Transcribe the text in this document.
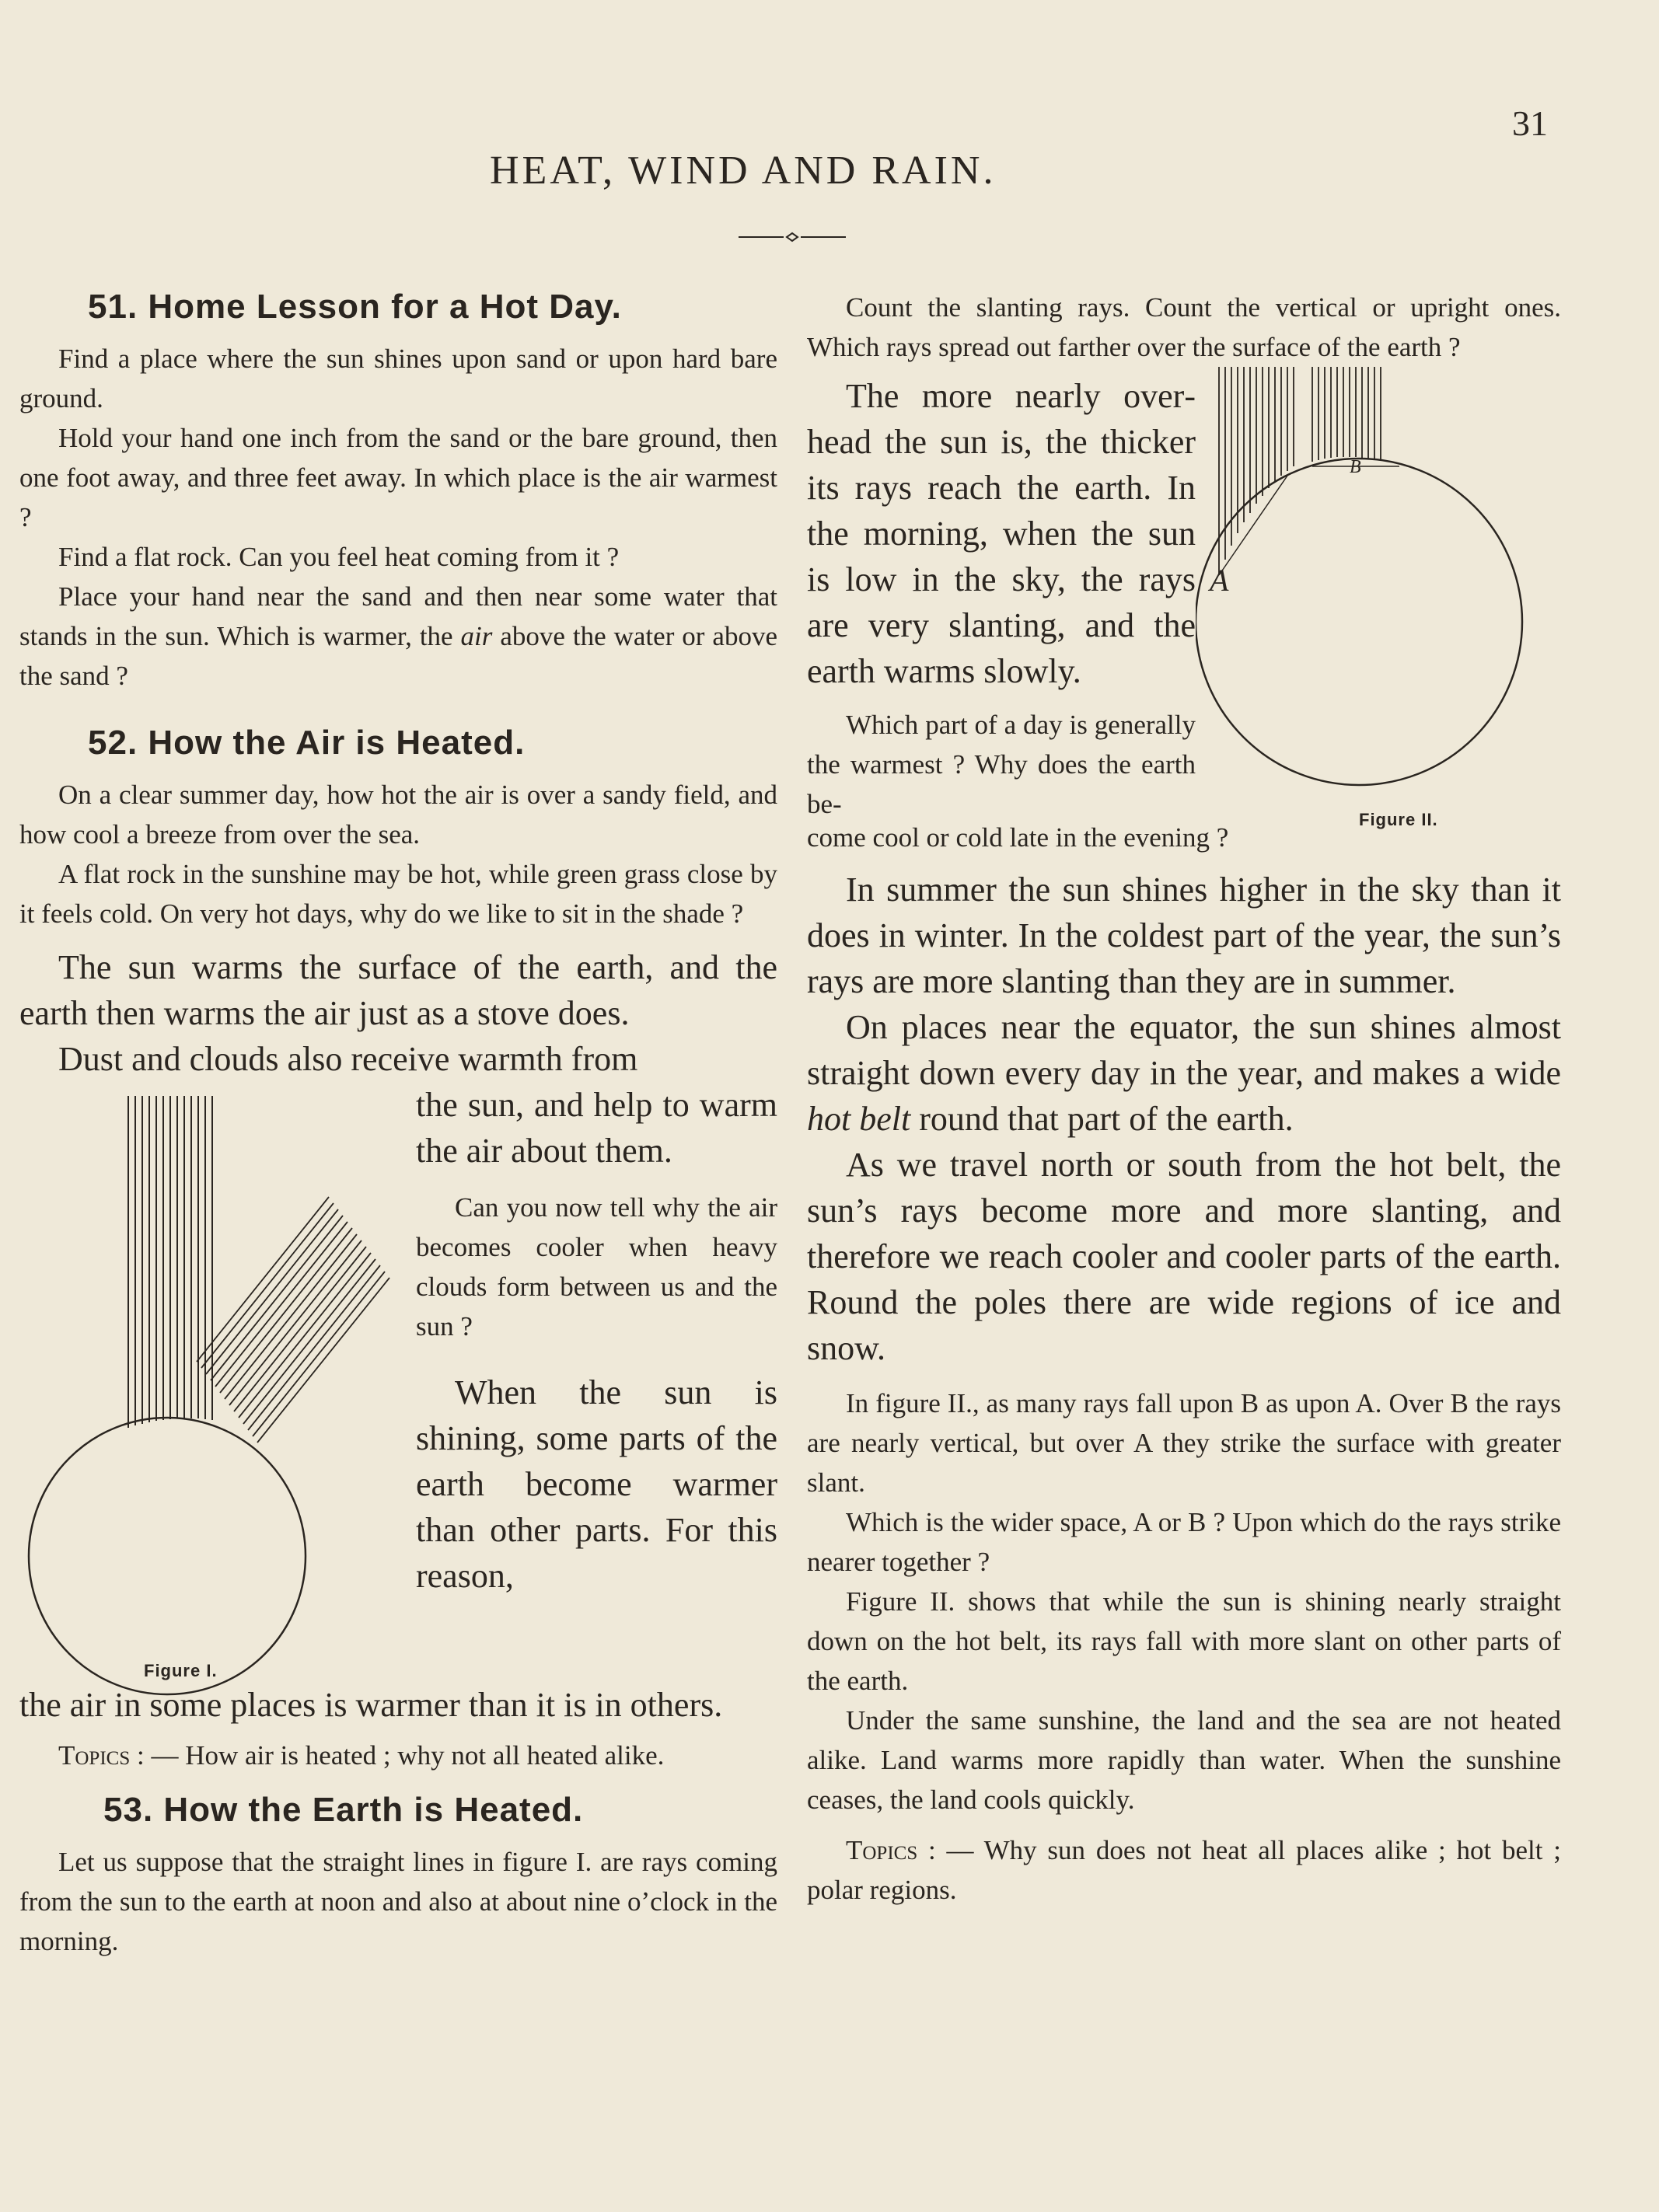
31
HEAT, WIND AND RAIN.
51. Home Lesson for a Hot Day.

Find a place where the sun shines upon sand or upon hard bare ground.

Hold your hand one inch from the sand or the bare ground, then one foot away, and three feet away. In which place is the air warmest ?

Find a flat rock. Can you feel heat coming from it ?

Place your hand near the sand and then near some water that stands in the sun. Which is warmer, the air above the water or above the sand ?

52. How the Air is Heated.

On a clear summer day, how hot the air is over a sandy field, and how cool a breeze from over the sea.

A flat rock in the sunshine may be hot, while green grass close by it feels cold. On very hot days, why do we like to sit in the shade ?

The sun warms the surface of the earth, and the earth then warms the air just as a stove does.

Dust and clouds also receive warmth from

Figure I.

the sun, and help to warm the air about them.

Can you now tell why the air becomes cooler when heavy clouds form between us and the sun ?

When the sun is shining, some parts of the earth become warmer than other parts. For this reason,

the air in some places is warmer than it is in others.

Topics : — How air is heated ; why not all heated alike.

53. How the Earth is Heated.

Let us suppose that the straight lines in figure I. are rays coming from the sun to the earth at noon and also at about nine o’clock in the morning.

Count the slanting rays. Count the vertical or upright ones. Which rays spread out farther over the surface of the earth ?

The more nearly overhead the sun is, the thicker its rays reach the earth. In the morning, when the sun is low in the sky, the rays are very slanting, and the earth warms slowly.

Which part of a day is generally the warmest ? Why does the earth be-

B
A
Figure II.

come cool or cold late in the evening ?

In summer the sun shines higher in the sky than it does in winter. In the coldest part of the year, the sun’s rays are more slanting than they are in summer.

On places near the equator, the sun shines almost straight down every day in the year, and makes a wide hot belt round that part of the earth.

As we travel north or south from the hot belt, the sun’s rays become more and more slanting, and therefore we reach cooler and cooler parts of the earth. Round the poles there are wide regions of ice and snow.

In figure II., as many rays fall upon B as upon A. Over B the rays are nearly vertical, but over A they strike the surface with greater slant.

Which is the wider space, A or B ? Upon which do the rays strike nearer together ?

Figure II. shows that while the sun is shining nearly straight down on the hot belt, its rays fall with more slant on other parts of the earth.

Under the same sunshine, the land and the sea are not heated alike. Land warms more rapidly than water. When the sunshine ceases, the land cools quickly.

Topics : — Why sun does not heat all places alike ; hot belt ; polar regions.
